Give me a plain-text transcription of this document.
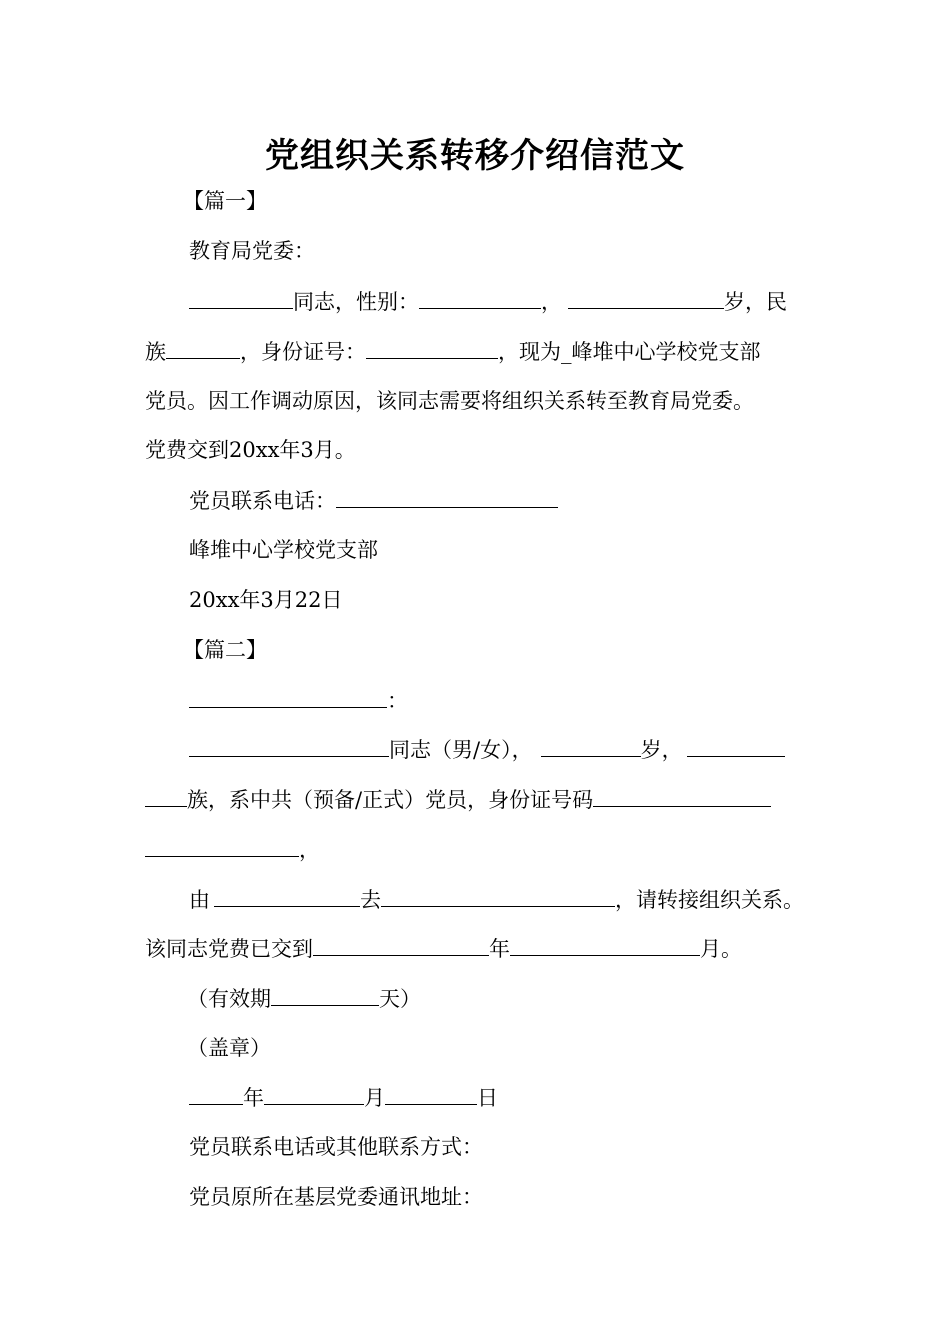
党组织关系转移介绍信范文
【篇一】
教育局党委：
同志，性别：	，	岁，民
族	，身份证号：	，现为_峰堆中心学校党支部
党员。因工作调动原因，该同志需要将组织关系转至教育局党委。
党费交到20xx年3月。
党员联系电话：
峰堆中心学校党支部
20xx年3月22日
【篇二】
：
同志（男/女），	岁，
族，系中共（预备/正式）党员，身份证号码
，
由	去	，请转接组织关系。
该同志党费已交到	年	月。
（有效期	天）
（盖章）
年	月	日
党员联系电话或其他联系方式：
党员原所在基层党委通讯地址：
